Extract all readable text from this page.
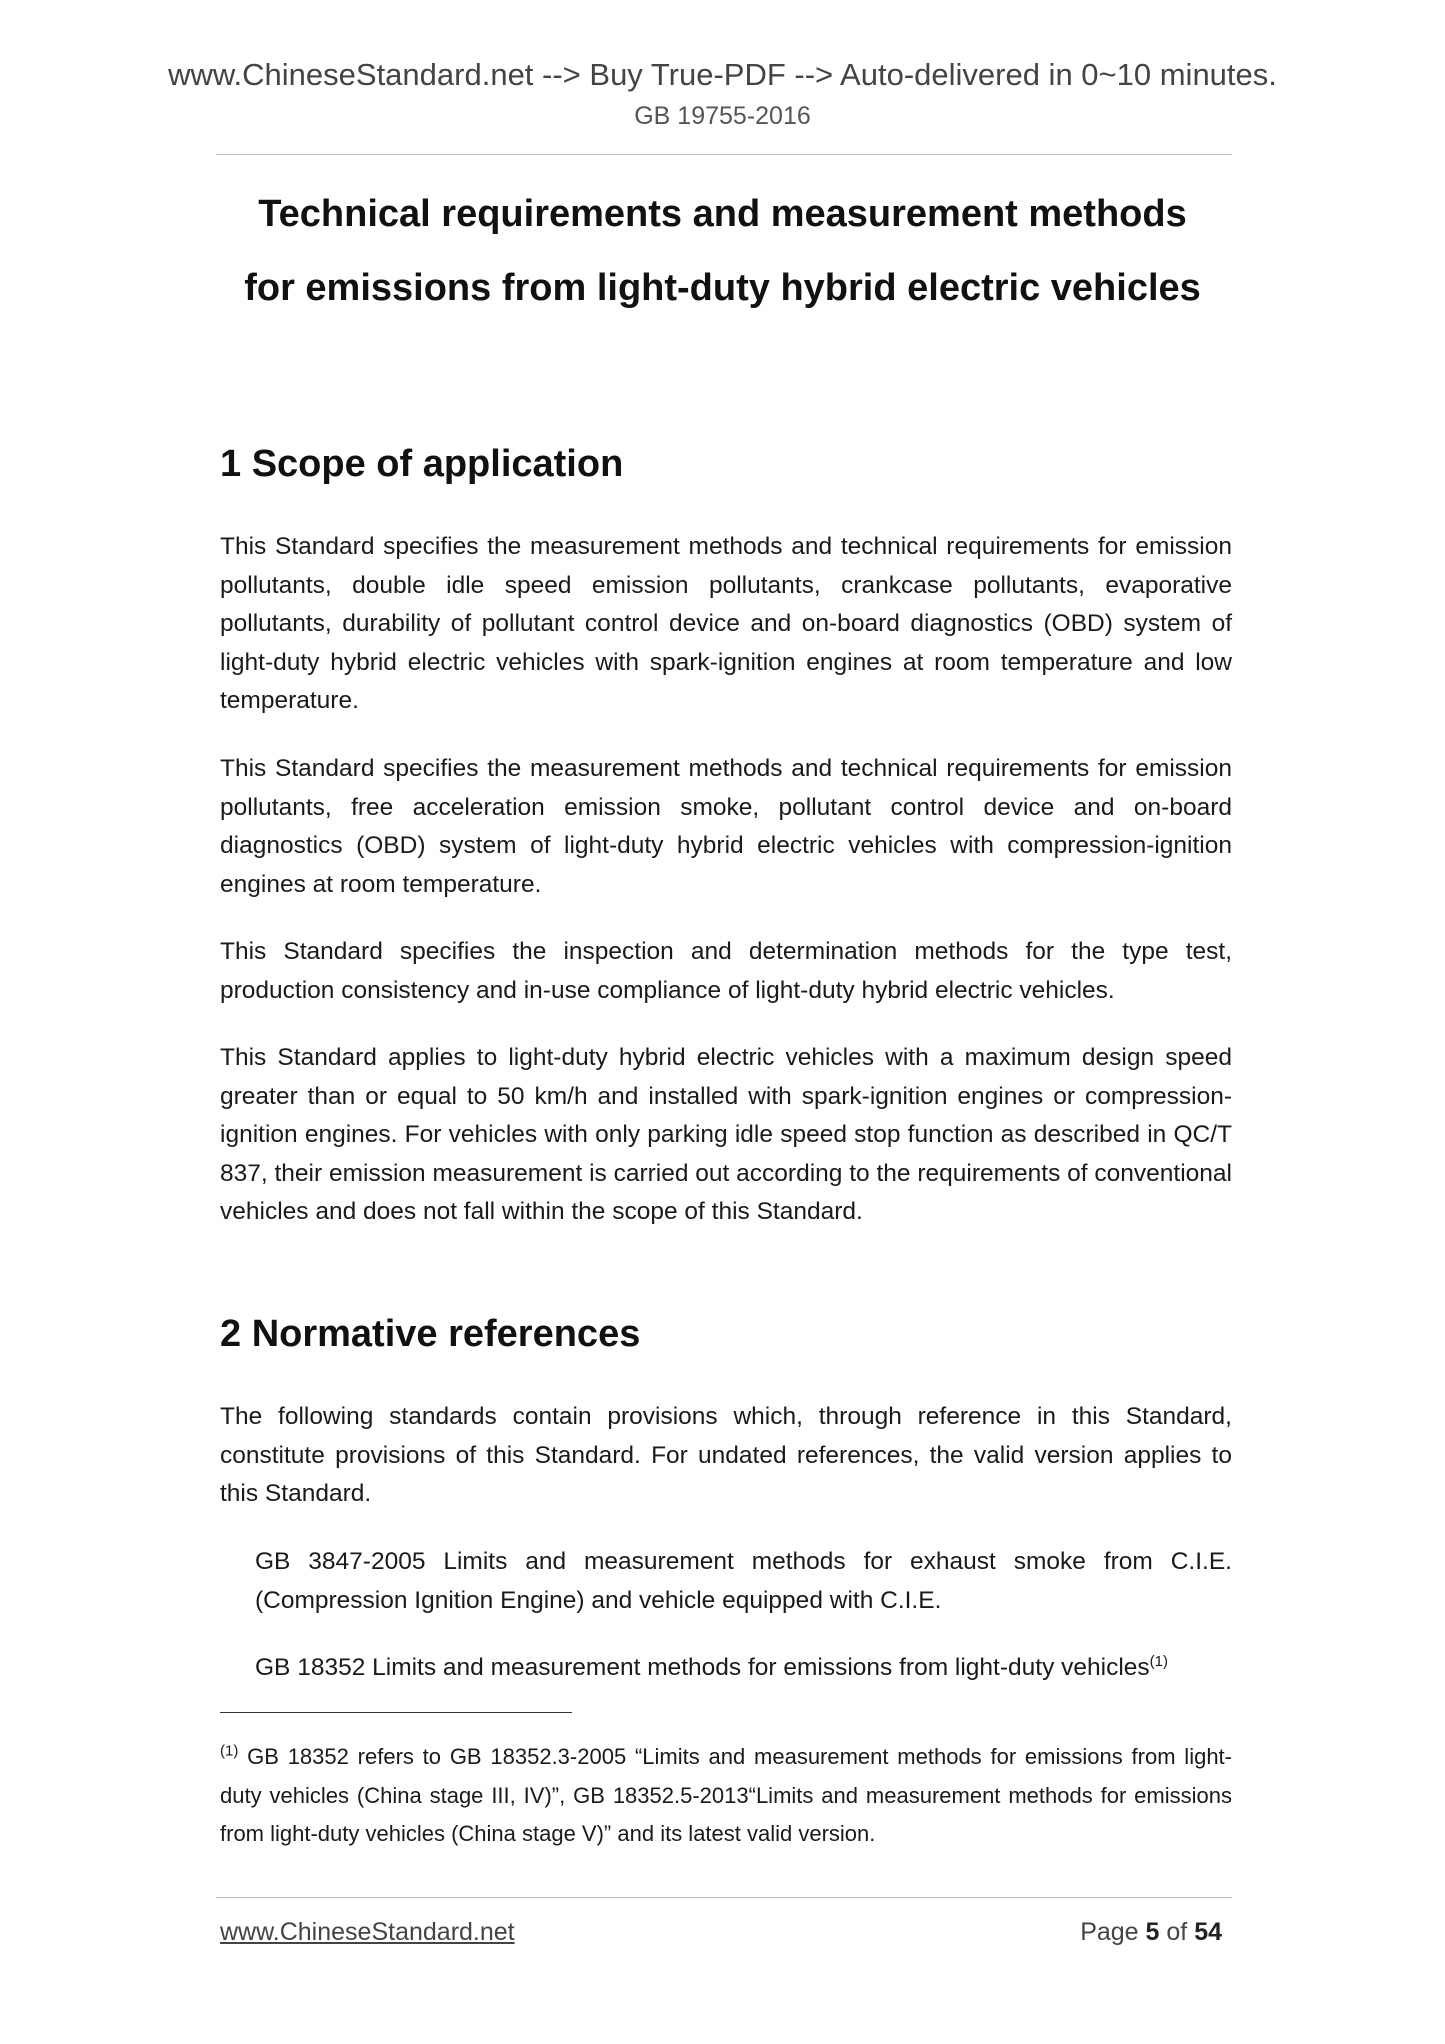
www.ChineseStandard.net --> Buy True-PDF --> Auto-delivered in 0~10 minutes.
GB 19755-2016
Technical requirements and measurement methods
for emissions from light-duty hybrid electric vehicles
1 Scope of application

This Standard specifies the measurement methods and technical requirements for emission pollutants, double idle speed emission pollutants, crankcase pollutants, evaporative pollutants, durability of pollutant control device and on-board diagnostics (OBD) system of light-duty hybrid electric vehicles with spark-ignition engines at room temperature and low temperature.

This Standard specifies the measurement methods and technical requirements for emission pollutants, free acceleration emission smoke, pollutant control device and on-board diagnostics (OBD) system of light-duty hybrid electric vehicles with compression-ignition engines at room temperature.

This Standard specifies the inspection and determination methods for the type test, production consistency and in-use compliance of light-duty hybrid electric vehicles.

This Standard applies to light-duty hybrid electric vehicles with a maximum design speed greater than or equal to 50 km/h and installed with spark-ignition engines or compression-ignition engines. For vehicles with only parking idle speed stop function as described in QC/T 837, their emission measurement is carried out according to the requirements of conventional vehicles and does not fall within the scope of this Standard.

2 Normative references

The following standards contain provisions which, through reference in this Standard, constitute provisions of this Standard. For undated references, the valid version applies to this Standard.

GB 3847-2005 Limits and measurement methods for exhaust smoke from C.I.E. (Compression Ignition Engine) and vehicle equipped with C.I.E.

GB 18352 Limits and measurement methods for emissions from light-duty vehicles$^{(1)}$

$^{(1)}$ GB 18352 refers to GB 18352.3-2005 “Limits and measurement methods for emissions from light-duty vehicles (China stage III, IV)”, GB 18352.5-2013“Limits and measurement methods for emissions from light-duty vehicles (China stage V)” and its latest valid version.

www.ChineseStandard.net	Page 5 of 54
